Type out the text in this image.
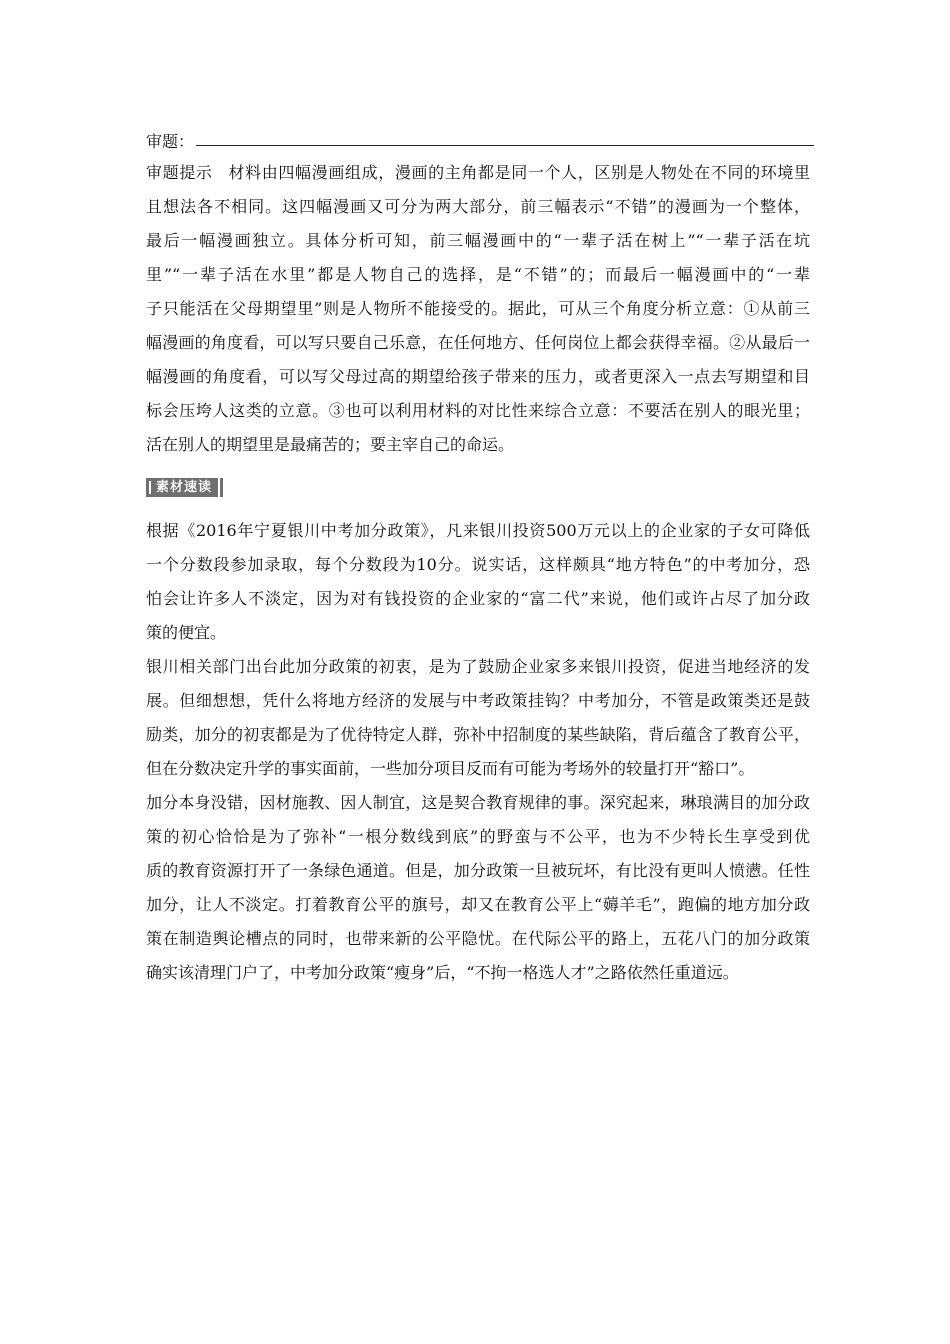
审题：
审题提示 材料由四幅漫画组成，漫画的主角都是同一个人，区别是人物处在不同的环境里
且想法各不相同。这四幅漫画又可分为两大部分，前三幅表示“不错”的漫画为一个整体，
最后一幅漫画独立。具体分析可知，前三幅漫画中的“一辈子活在树上”“一辈子活在坑
里”“一辈子活在水里”都是人物自己的选择，是“不错”的；而最后一幅漫画中的“一辈
子只能活在父母期望里”则是人物所不能接受的。据此，可从三个角度分析立意：①从前三
幅漫画的角度看，可以写只要自己乐意，在任何地方、任何岗位上都会获得幸福。②从最后一
幅漫画的角度看，可以写父母过高的期望给孩子带来的压力，或者更深入一点去写期望和目
标会压垮人这类的立意。③也可以利用材料的对比性来综合立意：不要活在别人的眼光里；
活在别人的期望里是最痛苦的；要主宰自己的命运。
素材速读
根据《2016年宁夏银川中考加分政策》，凡来银川投资500万元以上的企业家的子女可降低
一个分数段参加录取，每个分数段为10分。说实话，这样颇具“地方特色”的中考加分，恐
怕会让许多人不淡定，因为对有钱投资的企业家的“富二代”来说，他们或许占尽了加分政
策的便宜。
银川相关部门出台此加分政策的初衷，是为了鼓励企业家多来银川投资，促进当地经济的发
展。但细想想，凭什么将地方经济的发展与中考政策挂钩？中考加分，不管是政策类还是鼓
励类，加分的初衷都是为了优待特定人群，弥补中招制度的某些缺陷，背后蕴含了教育公平，
但在分数决定升学的事实面前，一些加分项目反而有可能为考场外的较量打开“豁口”。
加分本身没错，因材施教、因人制宜，这是契合教育规律的事。深究起来，琳琅满目的加分政
策的初心恰恰是为了弥补“一根分数线到底”的野蛮与不公平，也为不少特长生享受到优
质的教育资源打开了一条绿色通道。但是，加分政策一旦被玩坏，有比没有更叫人愤懑。任性
加分，让人不淡定。打着教育公平的旗号，却又在教育公平上“薅羊毛”，跑偏的地方加分政
策在制造舆论槽点的同时，也带来新的公平隐忧。在代际公平的路上，五花八门的加分政策
确实该清理门户了，中考加分政策“瘦身”后，“不拘一格选人才”之路依然任重道远。
